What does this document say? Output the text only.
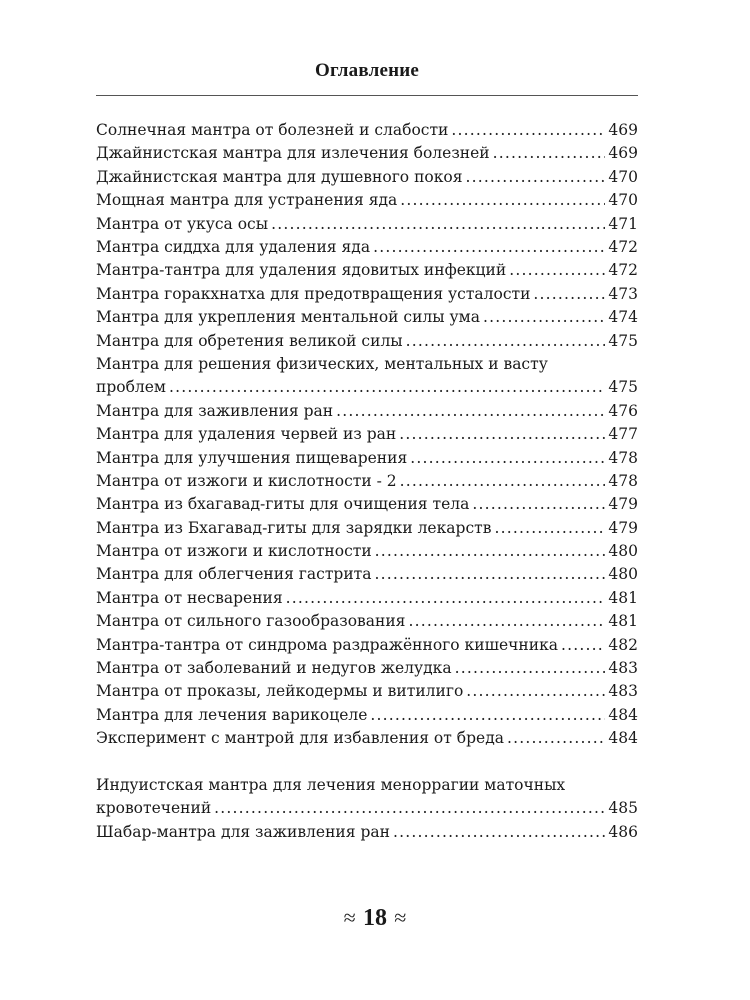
Оглавление
Солнечная мантра от болезней и слабости .....	469
Джайнистская мантра для излечения болезней .....	469
Джайнистская мантра для душевного покоя .....	470
Мощная мантра для устранения яда .....	470
Мантра от укуса осы .....	471
Мантра сиддха для удаления яда .....	472
Мантра-тантра для удаления ядовитых инфекций .....	472
Мантра горакхнатха для предотвращения усталости .....	473
Мантра для укрепления ментальной силы ума .....	474
Мантра для обретения великой силы .....	475
Мантра для решения физических, ментальных и васту
проблем .....	475
Мантра для заживления ран .....	476
Мантра для удаления червей из ран .....	477
Мантра для улучшения пищеварения .....	478
Мантра от изжоги и кислотности - 2 .....	478
Мантра из бхагавад-гиты для очищения тела .....	479
Мантра из Бхагавад-гиты для зарядки лекарств .....	479
Мантра от изжоги и кислотности .....	480
Мантра для облегчения гастрита .....	480
Мантра от несварения .....	481
Мантра от сильного газообразования .....	481
Мантра-тантра от синдрома раздражённого кишечника .....	482
Мантра от заболеваний и недугов желудка .....	483
Мантра от проказы, лейкодермы и витилиго .....	483
Мантра для лечения варикоцеле .....	484
Эксперимент с мантрой для избавления от бреда .....	484
Индуистская мантра для лечения меноррагии маточных
кровотечений .....	485
Шабар-мантра для заживления ран .....	486
≈ 18 ≈
